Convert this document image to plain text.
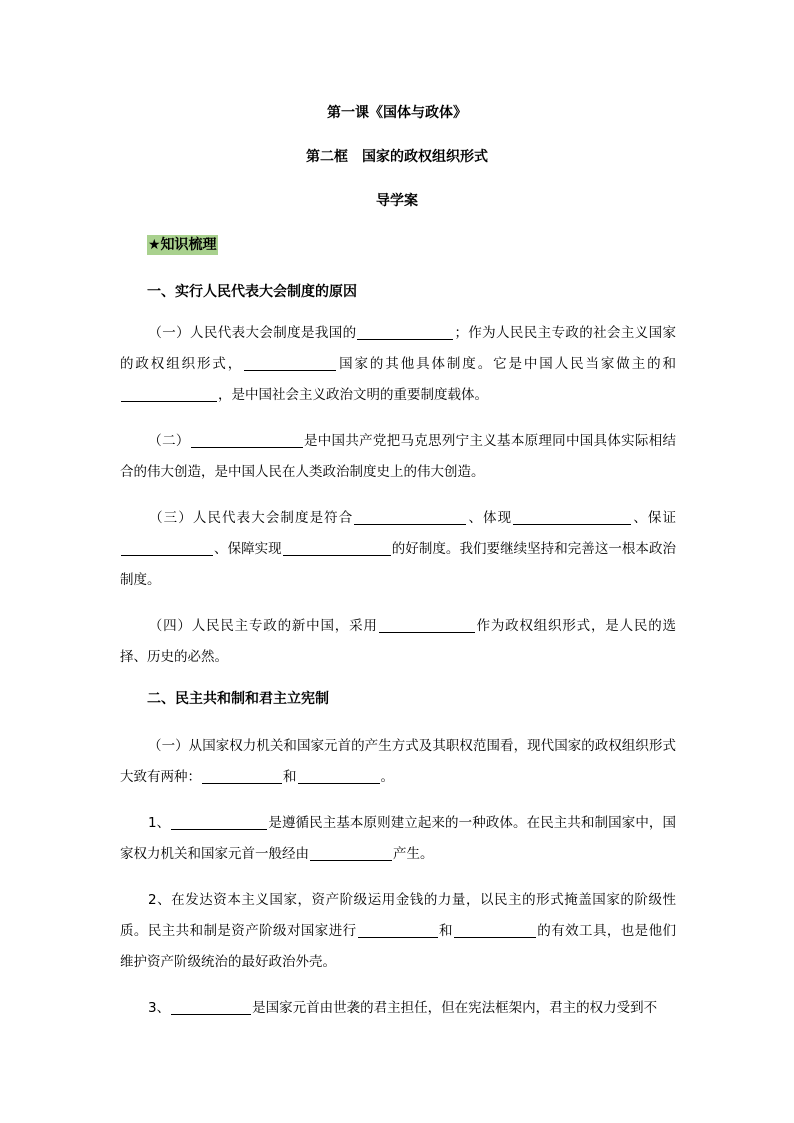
第一课《国体与政体》
第二框　国家的政权组织形式
导学案
★知识梳理
一、实行人民代表大会制度的原因
（一）人民代表大会制度是我国的	；作为人民民主专政的社会主义国家的政权组织形式，	国家的其他具体制度。它是中国人民当家做主的和，是中国社会主义政治文明的重要制度载体。
（二）	是中国共产党把马克思列宁主义基本原理同中国具体实际相结合的伟大创造，是中国人民在人类政治制度史上的伟大创造。
（三）人民代表大会制度是符合	、体现	、保证、保障实现	的好制度。我们要继续坚持和完善这一根本政治制度。
（四）人民民主专政的新中国，采用	作为政权组织形式，是人民的选择、历史的必然。
二、民主共和制和君主立宪制
（一）从国家权力机关和国家元首的产生方式及其职权范围看，现代国家的政权组织形式大致有两种：	和	。
1、	是遵循民主基本原则建立起来的一种政体。在民主共和制国家中，国家权力机关和国家元首一般经由	产生。
2、在发达资本主义国家，资产阶级运用金钱的力量，以民主的形式掩盖国家的阶级性质。民主共和制是资产阶级对国家进行	和	的有效工具，也是他们维护资产阶级统治的最好政治外壳。
3、	是国家元首由世袭的君主担任，但在宪法框架内，君主的权力受到不
